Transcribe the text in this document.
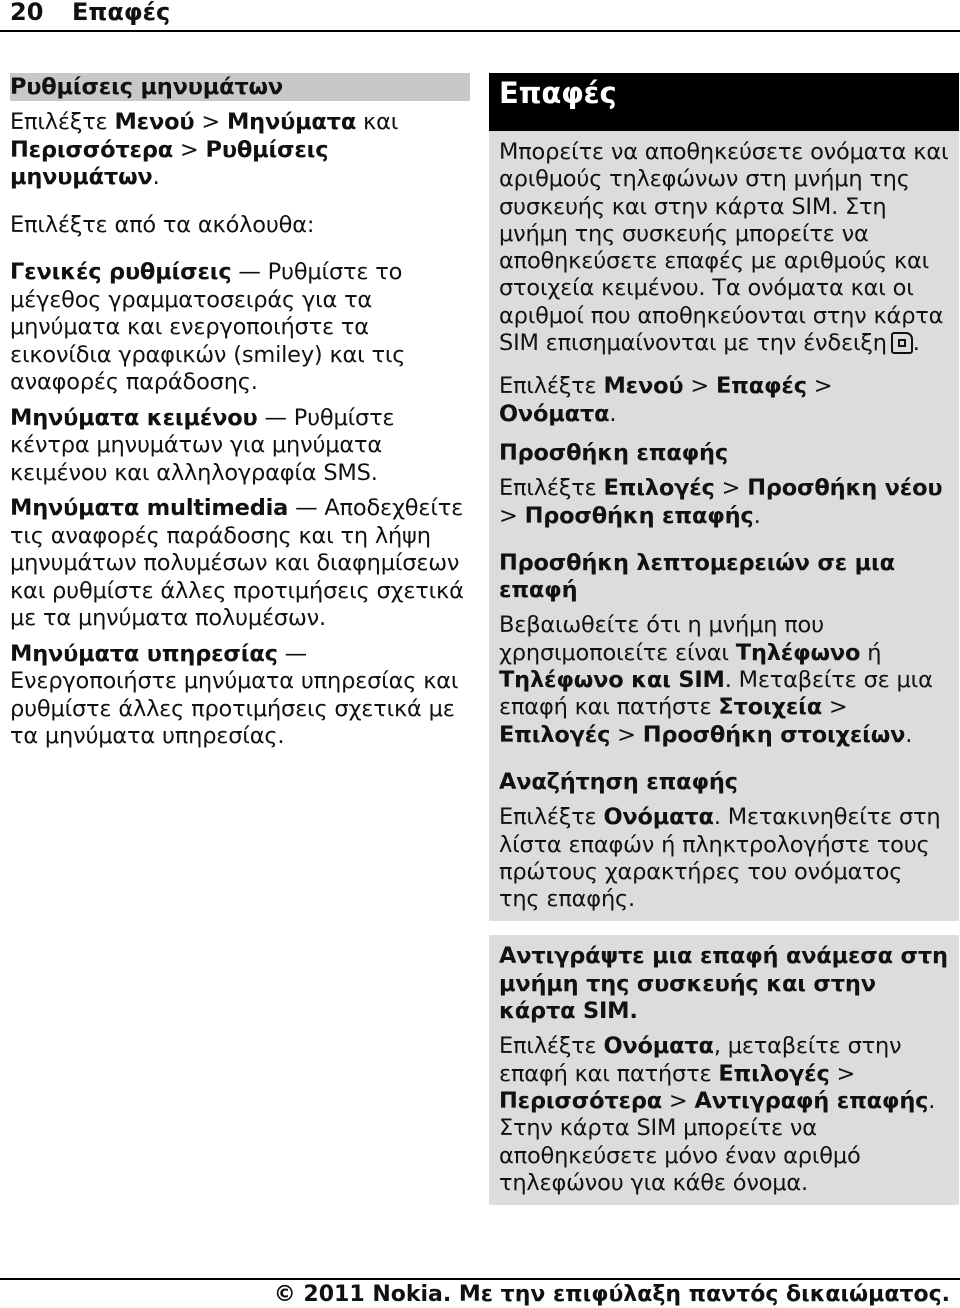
20 Επαφές
Ρυθμίσεις μηνυμάτων

Επιλέξτε Μενού > Μηνύματα και Περισσότερα > Ρυθμίσεις μηνυμάτων.

Επιλέξτε από τα ακόλουθα:

Γενικές ρυθμίσεις — Ρυθμίστε το μέγεθος γραμματοσειράς για τα μηνύματα και ενεργοποιήστε τα εικονίδια γραφικών (smiley) και τις αναφορές παράδοσης.

Μηνύματα κειμένου — Ρυθμίστε κέντρα μηνυμάτων για μηνύματα κειμένου και αλληλογραφία SMS.

Μηνύματα multimedia — Αποδεχθείτε τις αναφορές παράδοσης και τη λήψη μηνυμάτων πολυμέσων και διαφημίσεων και ρυθμίστε άλλες προτιμήσεις σχετικά με τα μηνύματα πολυμέσων.

Μηνύματα υπηρεσίας — Ενεργοποιήστε μηνύματα υπηρεσίας και ρυθμίστε άλλες προτιμήσεις σχετικά με τα μηνύματα υπηρεσίας.

Επαφές

Μπορείτε να αποθηκεύσετε ονόματα και αριθμούς τηλεφώνων στη μνήμη της συσκευής και στην κάρτα SIM. Στη μνήμη της συσκευής μπορείτε να αποθηκεύσετε επαφές με αριθμούς και στοιχεία κειμένου. Τα ονόματα και οι αριθμοί που αποθηκεύονται στην κάρτα SIM επισημαίνονται με την ένδειξη .

Επιλέξτε Μενού > Επαφές > Ονόματα.

Προσθήκη επαφής

Επιλέξτε Επιλογές > Προσθήκη νέου > Προσθήκη επαφής.

Προσθήκη λεπτομερειών σε μια επαφή

Βεβαιωθείτε ότι η μνήμη που χρησιμοποιείτε είναι Τηλέφωνο ή Τηλέφωνο και SIM. Μεταβείτε σε μια επαφή και πατήστε Στοιχεία > Επιλογές > Προσθήκη στοιχείων.

Αναζήτηση επαφής

Επιλέξτε Ονόματα. Μετακινηθείτε στη λίστα επαφών ή πληκτρολογήστε τους πρώτους χαρακτήρες του ονόματος της επαφής.

Αντιγράψτε μια επαφή ανάμεσα στη μνήμη της συσκευής και στην κάρτα SIM.

Επιλέξτε Ονόματα, μεταβείτε στην επαφή και πατήστε Επιλογές > Περισσότερα > Αντιγραφή επαφής. Στην κάρτα SIM μπορείτε να αποθηκεύσετε μόνο έναν αριθμό τηλεφώνου για κάθε όνομα.

© 2011 Nokia. Με την επιφύλαξη παντός δικαιώματος.
